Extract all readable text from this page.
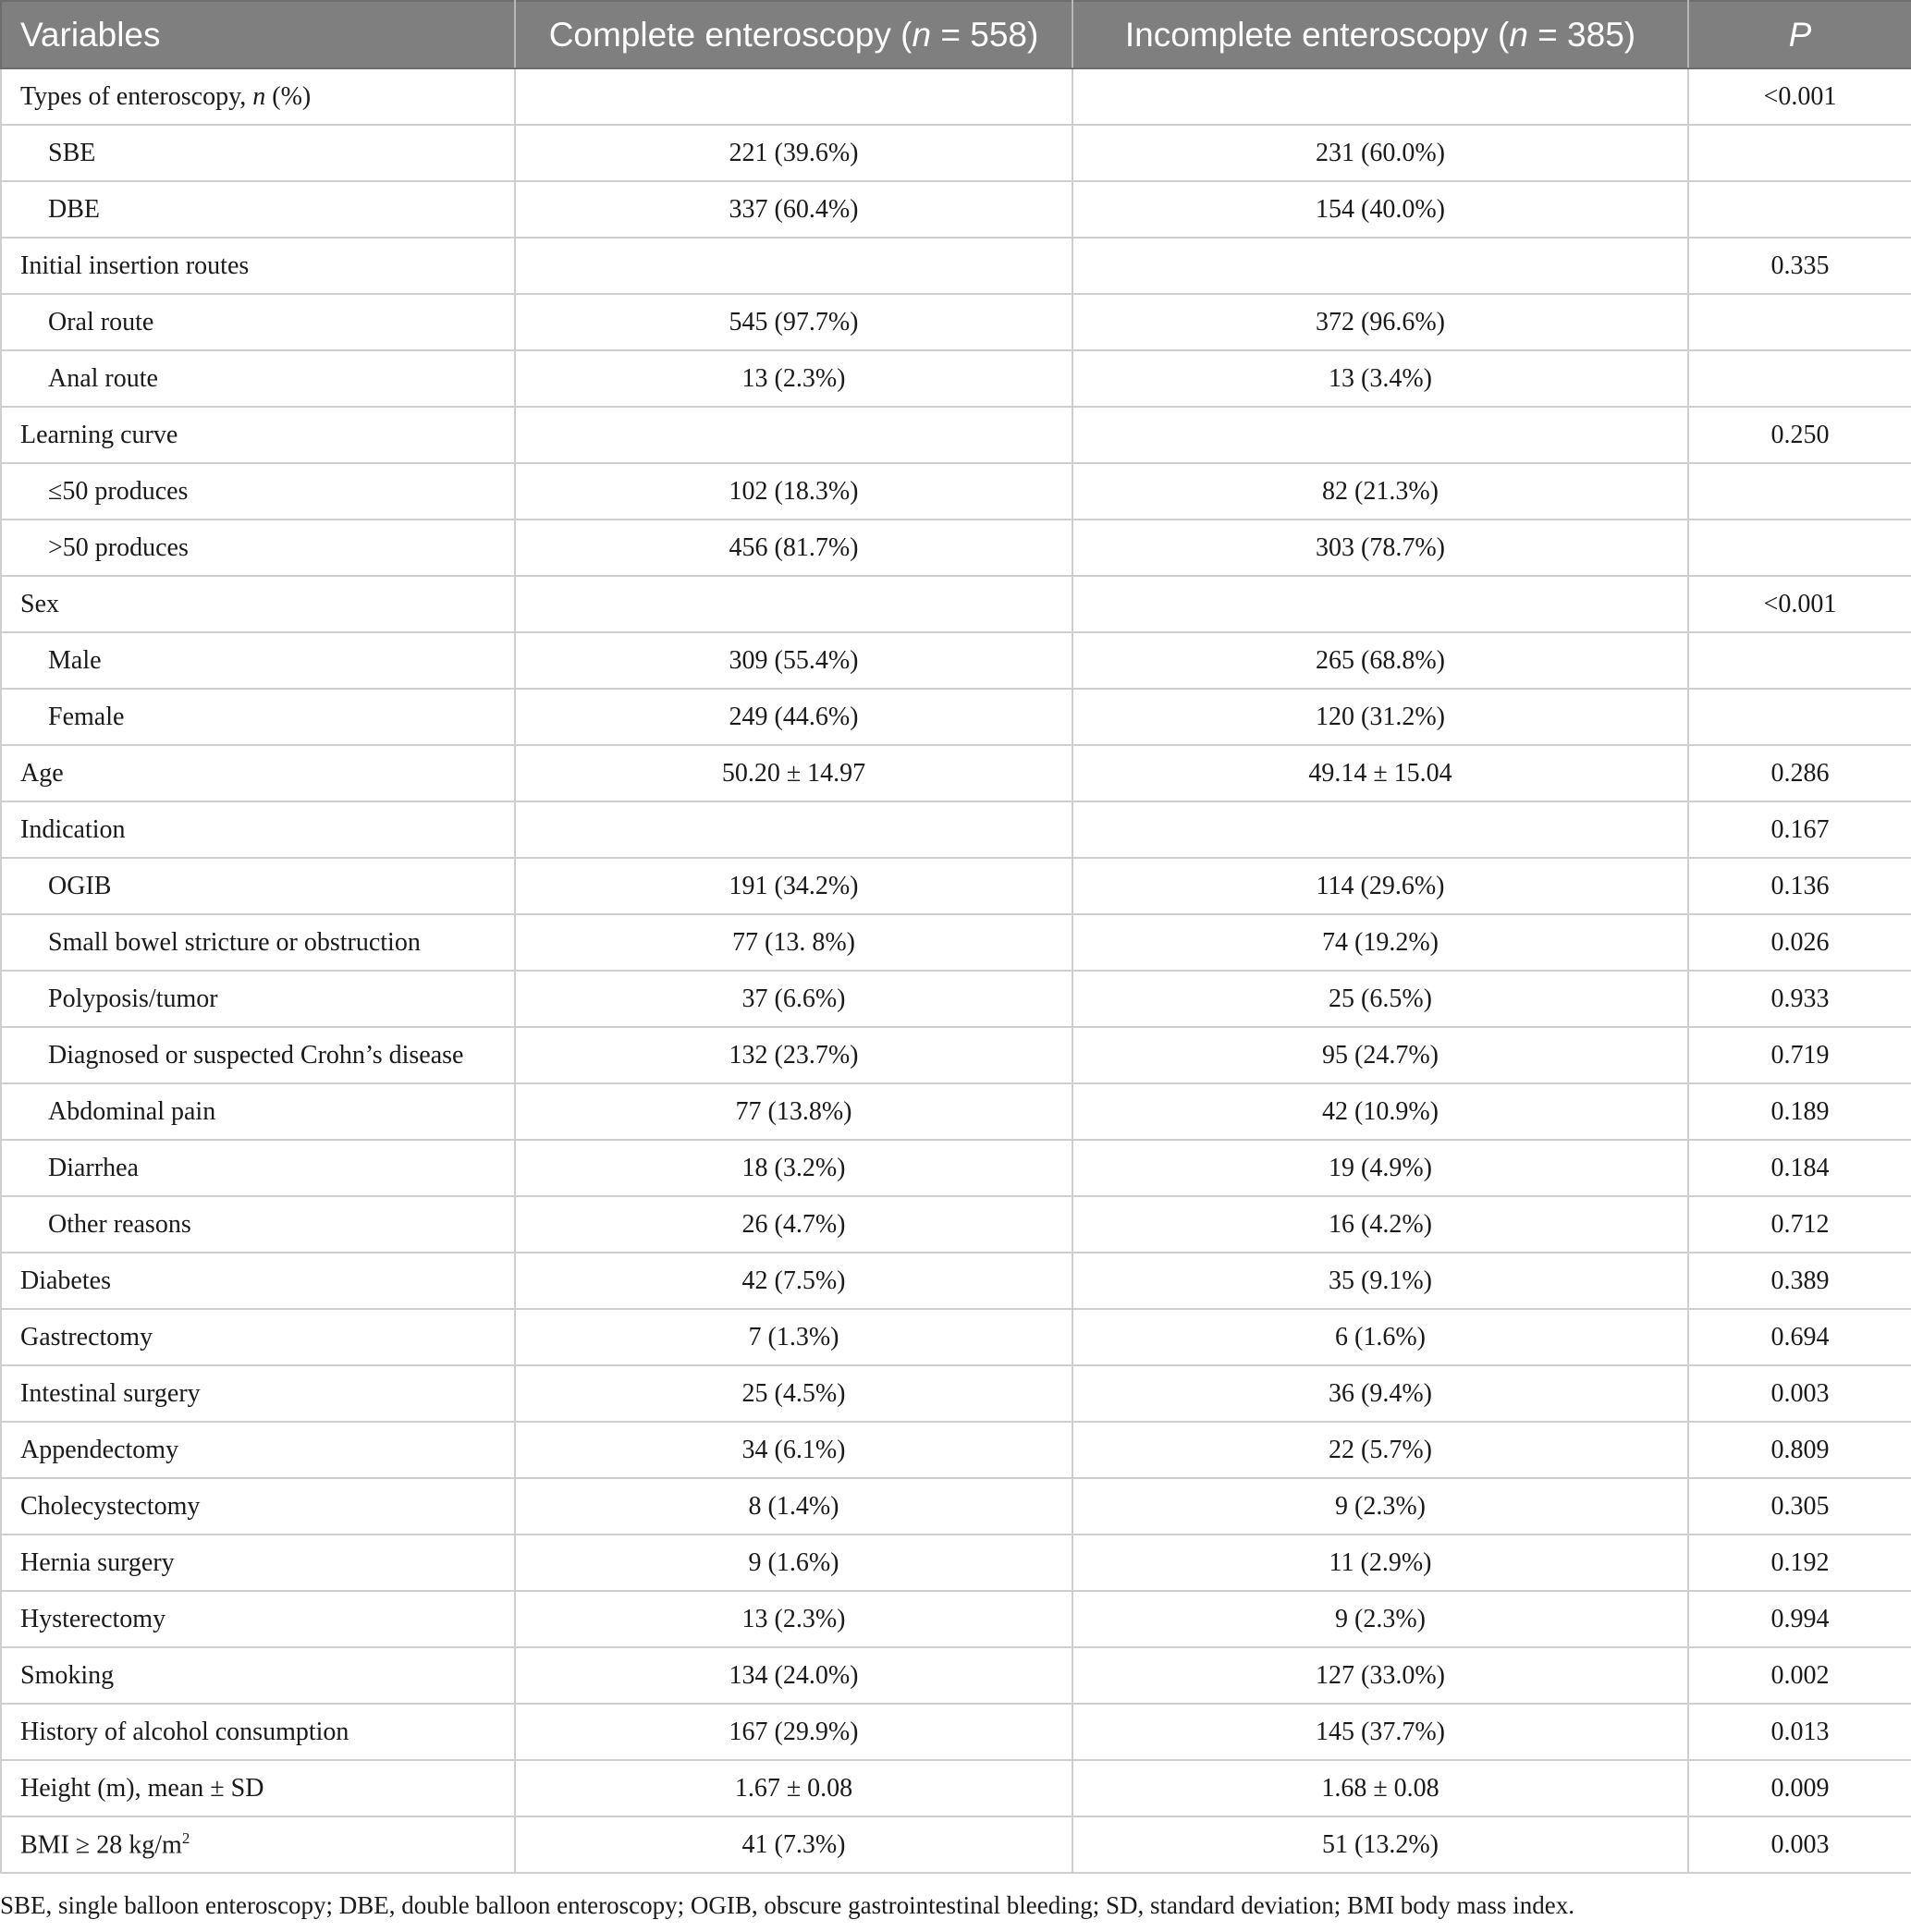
Variables	Complete enteroscopy (n = 558)	Incomplete enteroscopy (n = 385)	P
Types of enteroscopy, n (%)			<0.001
SBE	221 (39.6%)	231 (60.0%)	
DBE	337 (60.4%)	154 (40.0%)	
Initial insertion routes			0.335
Oral route	545 (97.7%)	372 (96.6%)	
Anal route	13 (2.3%)	13 (3.4%)	
Learning curve			0.250
≤50 produces	102 (18.3%)	82 (21.3%)	
>50 produces	456 (81.7%)	303 (78.7%)	
Sex			<0.001
Male	309 (55.4%)	265 (68.8%)	
Female	249 (44.6%)	120 (31.2%)	
Age	50.20 ± 14.97	49.14 ± 15.04	0.286
Indication			0.167
OGIB	191 (34.2%)	114 (29.6%)	0.136
Small bowel stricture or obstruction	77 (13. 8%)	74 (19.2%)	0.026
Polyposis/tumor	37 (6.6%)	25 (6.5%)	0.933
Diagnosed or suspected Crohn’s disease	132 (23.7%)	95 (24.7%)	0.719
Abdominal pain	77 (13.8%)	42 (10.9%)	0.189
Diarrhea	18 (3.2%)	19 (4.9%)	0.184
Other reasons	26 (4.7%)	16 (4.2%)	0.712
Diabetes	42 (7.5%)	35 (9.1%)	0.389
Gastrectomy	7 (1.3%)	6 (1.6%)	0.694
Intestinal surgery	25 (4.5%)	36 (9.4%)	0.003
Appendectomy	34 (6.1%)	22 (5.7%)	0.809
Cholecystectomy	8 (1.4%)	9 (2.3%)	0.305
Hernia surgery	9 (1.6%)	11 (2.9%)	0.192
Hysterectomy	13 (2.3%)	9 (2.3%)	0.994
Smoking	134 (24.0%)	127 (33.0%)	0.002
History of alcohol consumption	167 (29.9%)	145 (37.7%)	0.013
Height (m), mean ± SD	1.67 ± 0.08	1.68 ± 0.08	0.009
BMI ≥ 28 $kg/m^2$	41 (7.3%)	51 (13.2%)	0.003
SBE, single balloon enteroscopy; DBE, double balloon enteroscopy; OGIB, obscure gastrointestinal bleeding; SD, standard deviation; BMI body mass index.
